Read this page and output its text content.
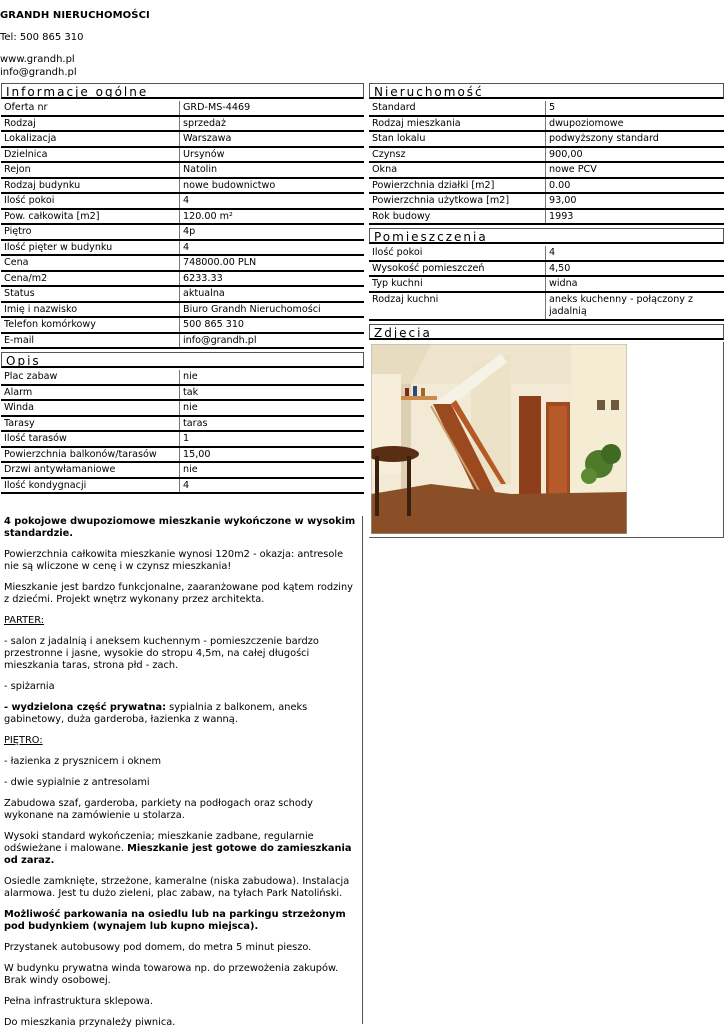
GRANDH NIERUCHOMOŚCI
Tel: 500 865 310
www.grandh.pl
info@grandh.pl
Informacje ogólne
Oferta nr	GRD-MS-4469
Rodzaj	sprzedaż
Lokalizacja	Warszawa
Dzielnica	Ursynów
Rejon	Natolin
Rodzaj budynku	nowe budownictwo
Ilość pokoi	4
Pow. całkowita [m2]	120.00 m²
Piętro	4p
Ilość pięter w budynku	4
Cena	748000.00 PLN
Cena/m2	6233.33
Status	aktualna
Imię i nazwisko	Biuro Grandh Nieruchomości
Telefon komórkowy	500 865 310
E-mail	info@grandh.pl
Opis
Plac zabaw	nie
Alarm	tak
Winda	nie
Tarasy	taras
Ilość tarasów	1
Powierzchnia balkonów/tarasów	15,00
Drzwi antywłamaniowe	nie
Ilość kondygnacji	4

4 pokojowe dwupoziomowe mieszkanie wykończone w wysokim standardzie.

Powierzchnia całkowita mieszkanie wynosi 120m2 - okazja: antresole nie są wliczone w cenę i w czynsz mieszkania!

Mieszkanie jest bardzo funkcjonalne, zaaranżowane pod kątem rodziny z dziećmi. Projekt wnętrz wykonany przez architekta.

PARTER:

- salon z jadalnią i aneksem kuchennym - pomieszczenie bardzo przestronne i jasne, wysokie do stropu 4,5m, na całej długości mieszkania taras, strona płd - zach.

- spiżarnia

- wydzielona część prywatna: sypialnia z balkonem, aneks gabinetowy, duża garderoba, łazienka z wanną.

PIĘTRO:

- łazienka z prysznicem i oknem

- dwie sypialnie z antresolami

Zabudowa szaf, garderoba, parkiety na podłogach oraz schody wykonane na zamówienie u stolarza.

Wysoki standard wykończenia; mieszkanie zadbane, regularnie odświeżane i malowane. Mieszkanie jest gotowe do zamieszkania od zaraz.

Osiedle zamknięte, strzeżone, kameralne (niska zabudowa). Instalacja alarmowa. Jest tu dużo zieleni, plac zabaw, na tyłach Park Natoliński.

Możliwość parkowania na osiedlu lub na parkingu strzeżonym pod budynkiem (wynajem lub kupno miejsca).

Przystanek autobusowy pod domem, do metra 5 minut pieszo.

W budynku prywatna winda towarowa np. do przewożenia zakupów. Brak windy osobowej.

Pełna infrastruktura sklepowa.

Do mieszkania przynależy piwnica.

Nieruchomość
Standard	5
Rodzaj mieszkania	dwupoziomowe
Stan lokalu	podwyższony standard
Czynsz	900,00
Okna	nowe PCV
Powierzchnia działki [m2]	0.00
Powierzchnia użytkowa [m2]	93,00
Rok budowy	1993
Pomieszczenia
Ilość pokoi	4
Wysokość pomieszczeń	4,50
Typ kuchni	widna
Rodzaj kuchni	aneks kuchenny - połączony z jadalnią
Zdjęcia
